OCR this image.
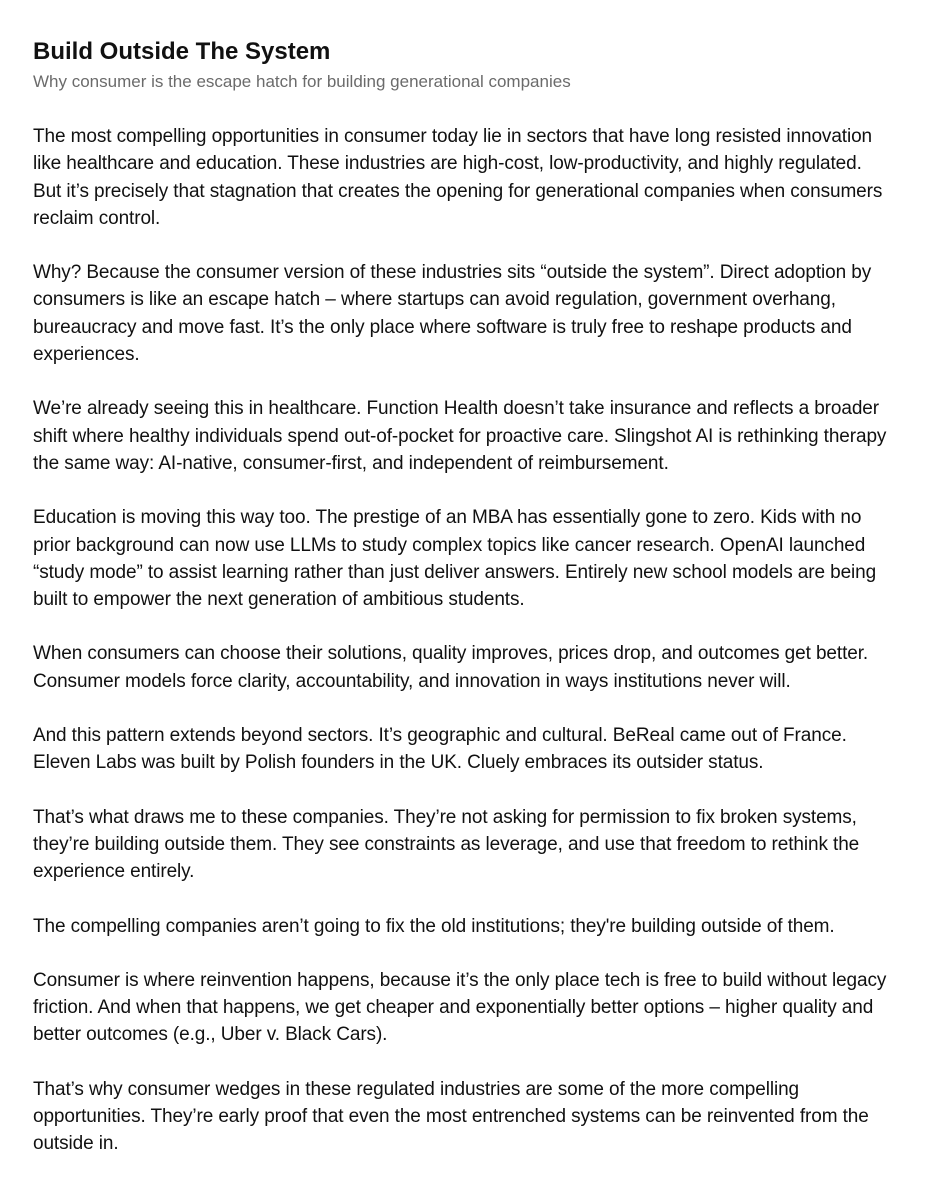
Build Outside The System

Why consumer is the escape hatch for building generational companies

The most compelling opportunities in consumer today lie in sectors that have long resisted innovation like healthcare and education. These industries are high-cost, low-productivity, and highly regulated. But it’s precisely that stagnation that creates the opening for generational companies when consumers reclaim control.

Why? Because the consumer version of these industries sits “outside the system”. Direct adoption by consumers is like an escape hatch – where startups can avoid regulation, government overhang, bureaucracy and move fast. It’s the only place where software is truly free to reshape products and experiences.

We’re already seeing this in healthcare. Function Health doesn’t take insurance and reflects a broader shift where healthy individuals spend out-of-pocket for proactive care. Slingshot AI is rethinking therapy the same way: AI-native, consumer-first, and independent of reimbursement.

Education is moving this way too. The prestige of an MBA has essentially gone to zero. Kids with no prior background can now use LLMs to study complex topics like cancer research. OpenAI launched “study mode” to assist learning rather than just deliver answers. Entirely new school models are being built to empower the next generation of ambitious students.

When consumers can choose their solutions, quality improves, prices drop, and outcomes get better. Consumer models force clarity, accountability, and innovation in ways institutions never will.

And this pattern extends beyond sectors. It’s geographic and cultural. BeReal came out of France. Eleven Labs was built by Polish founders in the UK. Cluely embraces its outsider status.

That’s what draws me to these companies. They’re not asking for permission to fix broken systems, they’re building outside them. They see constraints as leverage, and use that freedom to rethink the experience entirely.

The compelling companies aren’t going to fix the old institutions; they're building outside of them.

Consumer is where reinvention happens, because it’s the only place tech is free to build without legacy friction. And when that happens, we get cheaper and exponentially better options – higher quality and better outcomes (e.g., Uber v. Black Cars).

That’s why consumer wedges in these regulated industries are some of the more compelling opportunities. They’re early proof that even the most entrenched systems can be reinvented from the outside in.
